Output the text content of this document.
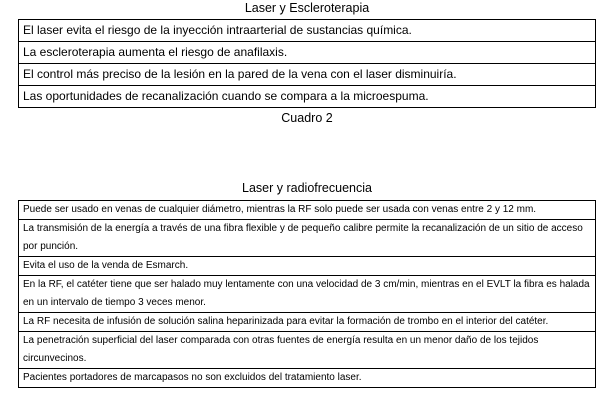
Laser y Escleroterapia
El laser evita el riesgo de la inyección intraarterial de sustancias química.
La escleroterapia aumenta el riesgo de anafilaxis.
El control más preciso de la lesión en la pared de la vena con el laser disminuiría.
Las oportunidades de recanalización cuando se compara a la microespuma.
Cuadro 2
Laser y radiofrecuencia
Puede ser usado en venas de cualquier diámetro, mientras la RF solo puede ser usada con venas entre 2 y 12 mm.
La transmisión de la energía a través de una fibra flexible y de pequeño calibre permite la recanalización de un sitio de acceso por punción.
Evita el uso de la venda de Esmarch.
En la RF, el catéter tiene que ser halado muy lentamente con una velocidad de 3 cm/min, mientras en el EVLT la fibra es halada en un intervalo de tiempo 3 veces menor.
La RF necesita de infusión de solución salina heparinizada para evitar la formación de trombo en el interior del catéter.
La penetración superficial del laser comparada con otras fuentes de energía resulta en un menor daño de los tejidos circunvecinos.
Pacientes portadores de marcapasos no son excluidos del tratamiento laser.
